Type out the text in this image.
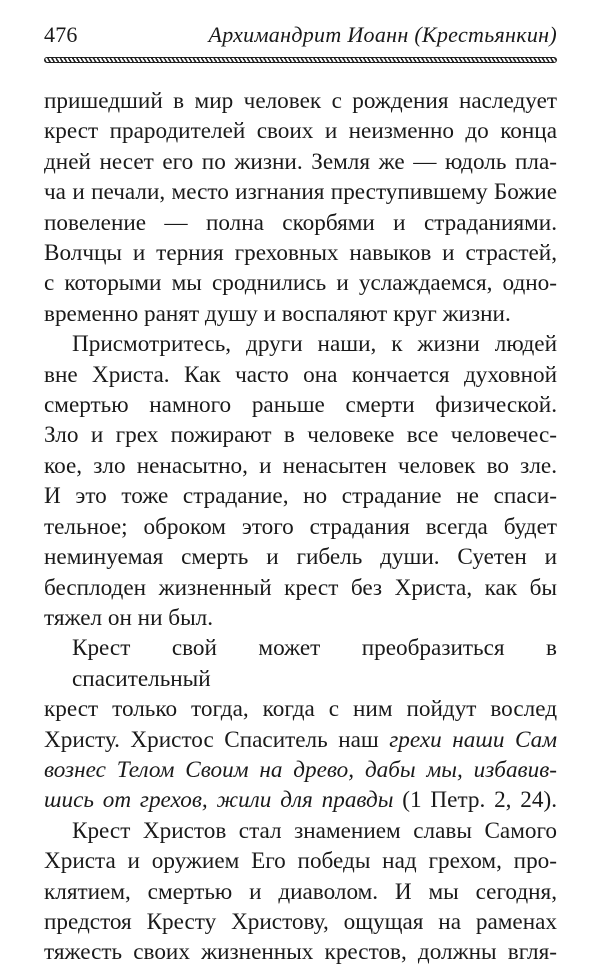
476	Архимандрит Иоанн (Крестьянкин)

пришедший в мир человек с рождения наследует
крест прародителей своих и неизменно до конца
дней несет его по жизни. Земля же — юдоль пла-
ча и печали, место изгнания преступившему Божие
повеление — полна скорбями и страданиями.
Волчцы и терния греховных навыков и страстей,
с которыми мы сроднились и услаждаемся, одно-
временно ранят душу и воспаляют круг жизни.

Присмотритесь, други наши, к жизни людей
вне Христа. Как часто она кончается духовной
смертью намного раньше смерти физической.
Зло и грех пожирают в человеке все человечес-
кое, зло ненасытно, и ненасытен человек во зле.
И это тоже страдание, но страдание не спаси-
тельное; оброком этого страдания всегда будет
неминуемая смерть и гибель души. Суетен и
бесплоден жизненный крест без Христа, как бы
тяжел он ни был.

Крест свой может преобразиться в спасительный
крест только тогда, когда с ним пойдут вослед
Христу. Христос Спаситель наш грехи наши Сам
вознес Телом Своим на древо, дабы мы, избавив-
шись от грехов, жили для правды (1 Петр. 2, 24).

Крест Христов стал знамением славы Самого
Христа и оружием Его победы над грехом, про-
клятием, смертью и диаволом. И мы сегодня,
предстоя Кресту Христову, ощущая на раменах
тяжесть своих жизненных крестов, должны вгля-
